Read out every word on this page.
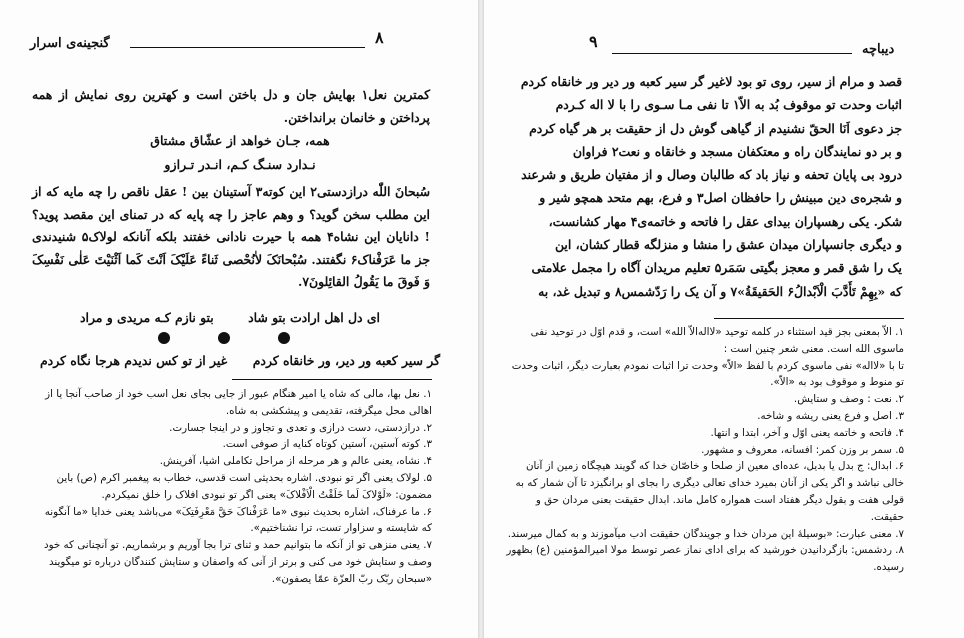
۸
گنجینه‌ی اسرار

کمترین نعل۱ بهایش جان و دل باختن است و کهترین روی نمایش از همه پرداختن و خانمان برانداختن.

همه، جـان خواهد از عشّاق مشتاق
نـدارد سنـگ کـم، انـدر تـرازو

سُبحانَ اللّٰه درازدستی۲ این کوته۳ آستینان بین ! عقل ناقص را چه مایه که از این مطلب سخن گوید؟ و وهم عاجز را چه پایه که در تمنای این مقصد پوید؟ ! دانایان این نشاه۴ همه با حیرت نادانی خفتند بلکه آنانکه لولاک۵ شنیدندی جز ما عَرَفْناک۶ نگفتند. سُبْحانَکَ لاٰنُحْصی ثَناءً عَلَیْکَ اَنْتَ کَما اَثْنَیْتَ عَلٰی نَفْسِکَ وَ فَوقَ ما یَقُولُ القائِلونَ۷.

ای دل اهل ارادت بتو شاد
بتو نازم کـه مریدی و مراد
گر سیر کعبه ور دیر، ور خانقاه کردم
غیر از تو کس ندیدم هرجا نگاه کردم

۱. نعل بها، مالی که شاه یا امیر هنگام عبور از جایی بجای نعل اسب خود از صاحب آنجا یا از اهالی محل میگرفته، تقدیمی و پیشکشی به شاه.

۲. درازدستی، دست درازی و تعدی و تجاوز و در اینجا جسارت.

۳. کوته آستین، آستین کوتاه کنایه از صوفی است.

۴. نشاه، یعنی عالم و هر مرحله از مراحل تکاملی اشیا، آفرینش.

۵. لولاک یعنی اگر تو نبودی. اشاره بحدیثی است قدسی، خطاب به پیغمبر اکرم (ص) باین مضمون: «لَوْلاکَ لَما خَلَقْتُ الْاَفْلاکَ» یعنی اگر تو نبودی افلاک را خلق نمیکردم.

۶. ما عرفناک، اشاره بحدیث نبوی «ما عَرَفْناکَ حَقَّ مَعْرِفَتِکَ» می‌باشد یعنی خدایا «ما آنگونه که شایسته و سزاوار تست، ترا نشناختیم».

۷. یعنی منزهی تو از آنکه ما بتوانیم حمد و ثنای ترا بجا آوریم و برشماریم. تو آنچنانی که خود وصف و ستایش خود می کنی و برتر از آنی که واصفان و ستایش کنندگان درباره تو میگویند «سبحان ربّک ربّ العزّة عمّا یصفون».

۹	دیباچه

قصد و مرام از سیر، روی تو بود لاغیر گر سیر کعبه ور دیر ور خانقاه کردم

اثبات وحدت تو موقوف بُد به الاّ۱ تا نفی مـا سـوی را با لا اله کـردم

جز دعوی اَنَا الحقّ نشنیدم از گیاهی گوش دل از حقیقت بر هر گیاه کردم

و بر دو نمایندگان راه و معتکفان مسجد و خانقاه و نعت۲ فراوان

درود بی پایان تحفه و نیاز باد که طالبان وصال و از مفتیان طریق و شرعند

و شجره‌ی دین مبینش را حافظان اصل۳ و فرع، بهم متحد همچو شیر و

شکر. یکی رهسپاران بیدای عقل را فاتحه و خاتمه‌ی۴ مهار کشانست،

و دیگری جانسپاران میدان عشق را منشا و منزلگه قطار کشان، این

یک را شق قمر و معجز بگیتی سَمَر۵ تعلیم مریدان آگاه را مجمل علامتی

که «بِهِمْ تَأَدَّبَ الْاَبْدالُ۶ الحَقیقَةُ»۷ و آن یک را رَدّشمس۸ و تبدیل غد، به

۱. الاّ بمعنی بجز قید استثناء در کلمه توحید «لااله‌الاّ الله» است، و قدم اوّل در توحید نفی ماسوی الله است. معنی شعر چنین است :

تا با «لااله» نفی ماسوی کردم با لفظ «الاّ» وحدت ترا اثبات نمودم بعبارت دیگر، اثبات وحدت تو منوط و موقوف بود به «الاّ».

۲. نعت : وصف و ستایش.

۳. اصل و فرع یعنی ریشه و شاخه.

۴. فاتحه و خاتمه یعنی اوّل و آخر، ابتدا و انتها.

۵. سمر بر وزن کمر: افسانه، معروف و مشهور.

۶. ابدال: ج بدل یا بدیل، عده‌ای معین از صلحا و خاصّان خدا که گویند هیچگاه زمین از آنان خالی نباشد و اگر یکی از آنان بمیرد خدای تعالی دیگری را بجای او برانگیزد تا آن شمار که به قولی هفت و بقول دیگر هفتاد است همواره کامل ماند. ابدال حقیقت بعنی مردان حق و حقیقت.

۷. معنی عبارت: «بوسیلهٔ این مردان خدا و جویندگان حقیقت ادب میآموزند و به کمال میرسند.

۸. ردشمس: بازگردانیدن خورشید که برای ادای نماز عصر توسط مولا امیرالمؤمنین (ع) بظهور رسیده.
